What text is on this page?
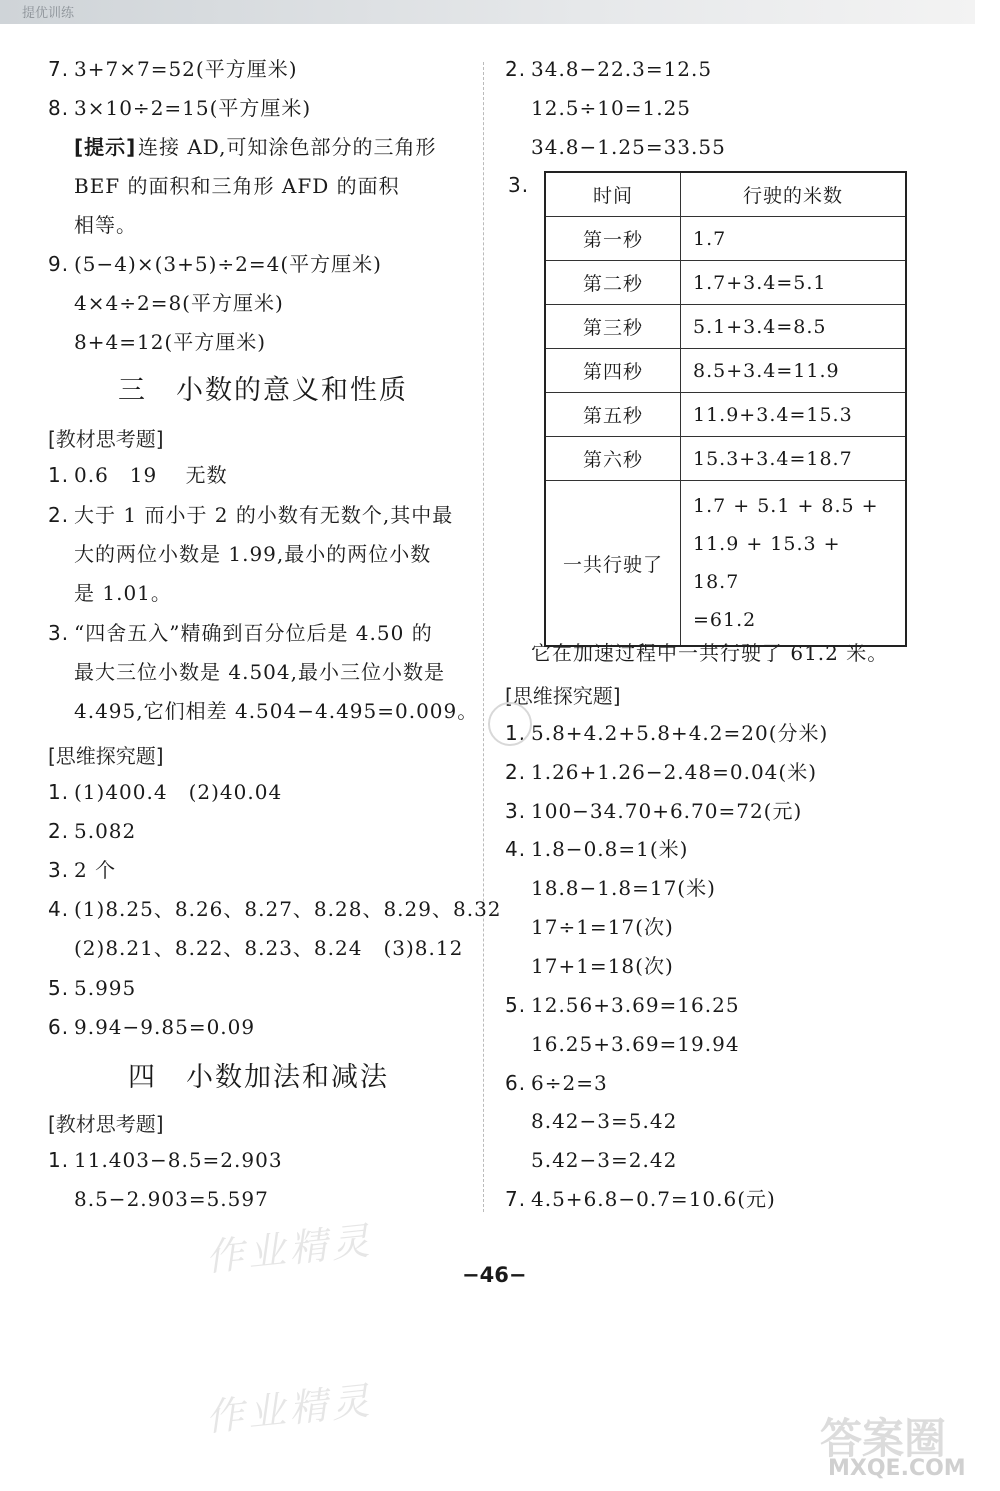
提优训练
7. 3+7×7=52(平方厘米)
8. 3×10÷2=15(平方厘米)
[提示] 连接 AD,可知涂色部分的三角形
BEF 的面积和三角形 AFD 的面积
相等。
9. (5−4)×(3+5)÷2=4(平方厘米)
4×4÷2=8(平方厘米)
8+4=12(平方厘米)
三　小数的意义和性质
[教材思考题]
1. 0.6　19　 无数
2. 大于 1 而小于 2 的小数有无数个,其中最
大的两位小数是 1.99,最小的两位小数
是 1.01。
3. “四舍五入”精确到百分位后是 4.50 的
最大三位小数是 4.504,最小三位小数是
4.495,它们相差 4.504−4.495=0.009。
[思维探究题]
1. (1)400.4　(2)40.04
2. 5.082
3. 2 个
4. (1)8.25、8.26、8.27、8.28、8.29、8.32
(2)8.21、8.22、8.23、8.24　(3)8.12
5. 5.995
6. 9.94−9.85=0.09
四　小数加法和减法
[教材思考题]
1. 11.403−8.5=2.903
8.5−2.903=5.597
2. 34.8−22.3=12.5
12.5÷10=1.25
34.8−1.25=33.55
它在加速过程中一共行驶了 61.2 米。
[思维探究题]
1. 5.8+4.2+5.8+4.2=20(分米)
2. 1.26+1.26−2.48=0.04(米)
3. 100−34.70+6.70=72(元)
4. 1.8−0.8=1(米)
18.8−1.8=17(米)
17÷1=17(次)
17+1=18(次)
5. 12.56+3.69=16.25
16.25+3.69=19.94
6. 6÷2=3
8.42−3=5.42
5.42−3=2.42
7. 4.5+6.8−0.7=10.6(元)
3.	时间	行驶的米数
第一秒	1.7
第二秒	1.7+3.4=5.1
第三秒	5.1+3.4=8.5
第四秒	8.5+3.4=11.9
第五秒	11.9+3.4=15.3
第六秒	15.3+3.4=18.7
一共行驶了	1.7 + 5.1 + 8.5 +
11.9 + 15.3 + 18.7
=61.2
−46−
作业精灵
作业精灵	答案圈
MXQE.COM
